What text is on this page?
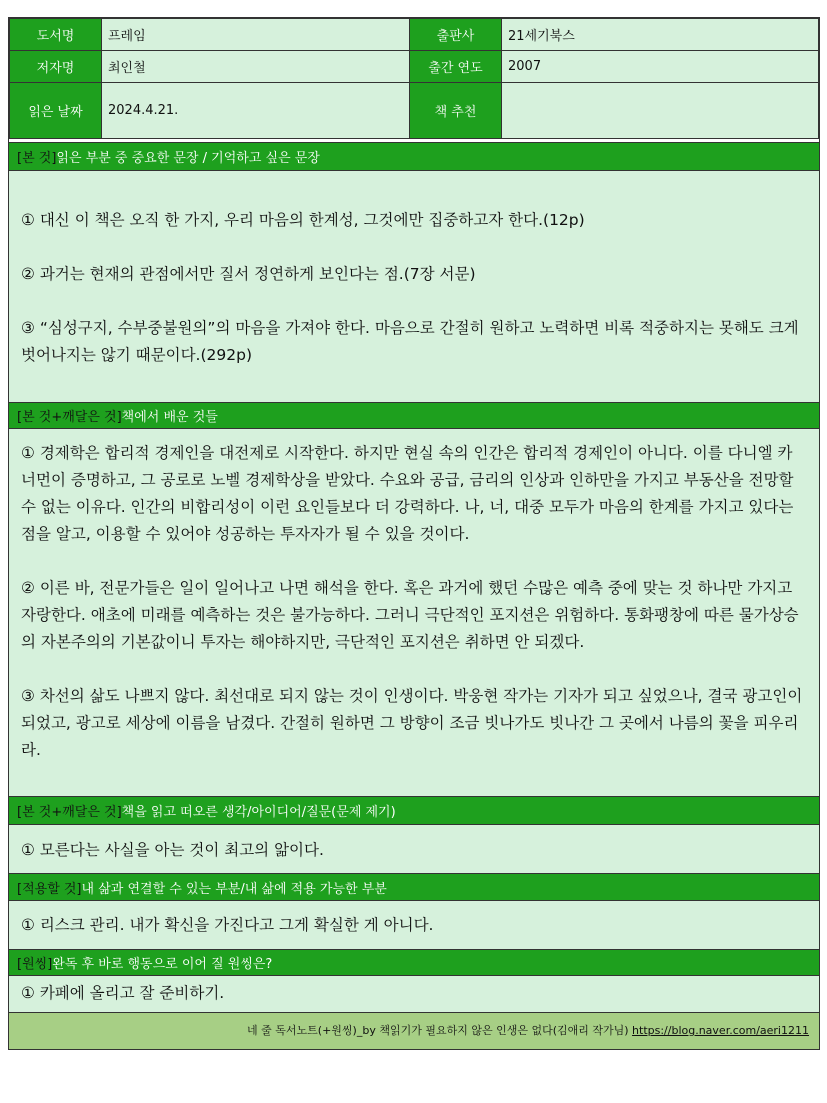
도서명	프레임	출판사	21세기북스
저자명	최인철	출간 연도	2007
읽은 날짜	2024.4.21.	책 추천	
[본 것] 읽은 부분 중 중요한 문장 / 기억하고 싶은 문장

① 대신 이 책은 오직 한 가지, 우리 마음의 한계성, 그것에만 집중하고자 한다.(12p)

② 과거는 현재의 관점에서만 질서 정연하게 보인다는 점.(7장 서문)

③ “심성구지, 수부중불원의”의 마음을 가져야 한다. 마음으로 간절히 원하고 노력하면 비록 적중하지는 못해도 크게 벗어나지는 않기 때문이다.(292p)

[본 것+깨달은 것] 책에서 배운 것들

① 경제학은 합리적 경제인을 대전제로 시작한다. 하지만 현실 속의 인간은 합리적 경제인이 아니다. 이를 다니엘 카너먼이 증명하고, 그 공로로 노벨 경제학상을 받았다. 수요와 공급, 금리의 인상과 인하만을 가지고 부동산을 전망할 수 없는 이유다. 인간의 비합리성이 이런 요인들보다 더 강력하다. 나, 너, 대중 모두가 마음의 한계를 가지고 있다는 점을 알고, 이용할 수 있어야 성공하는 투자자가 될 수 있을 것이다.

② 이른 바, 전문가들은 일이 일어나고 나면 해석을 한다. 혹은 과거에 했던 수많은 예측 중에 맞는 것 하나만 가지고 자랑한다. 애초에 미래를 예측하는 것은 불가능하다. 그러니 극단적인 포지션은 위험하다. 통화팽창에 따른 물가상승의 자본주의의 기본값이니 투자는 해야하지만, 극단적인 포지션은 취하면 안 되겠다.

③ 차선의 삶도 나쁘지 않다. 최선대로 되지 않는 것이 인생이다. 박웅현 작가는 기자가 되고 싶었으나, 결국 광고인이 되었고, 광고로 세상에 이름을 남겼다. 간절히 원하면 그 방향이 조금 빗나가도 빗나간 그 곳에서 나름의 꽃을 피우리라.

[본 것+깨달은 것] 책을 읽고 떠오른 생각/아이디어/질문(문제 제기)

① 모른다는 사실을 아는 것이 최고의 앎이다.

[적용할 것] 내 삶과 연결할 수 있는 부분/내 삶에 적용 가능한 부분

① 리스크 관리. 내가 확신을 가진다고 그게 확실한 게 아니다.

[원씽] 완독 후 바로 행동으로 이어 질 원씽은?

① 카페에 올리고 잘 준비하기.

네 줄 독서노트(+원씽)_by 책읽기가 필요하지 않은 인생은 없다(김애리 작가님) https://blog.naver.com/aeri1211
